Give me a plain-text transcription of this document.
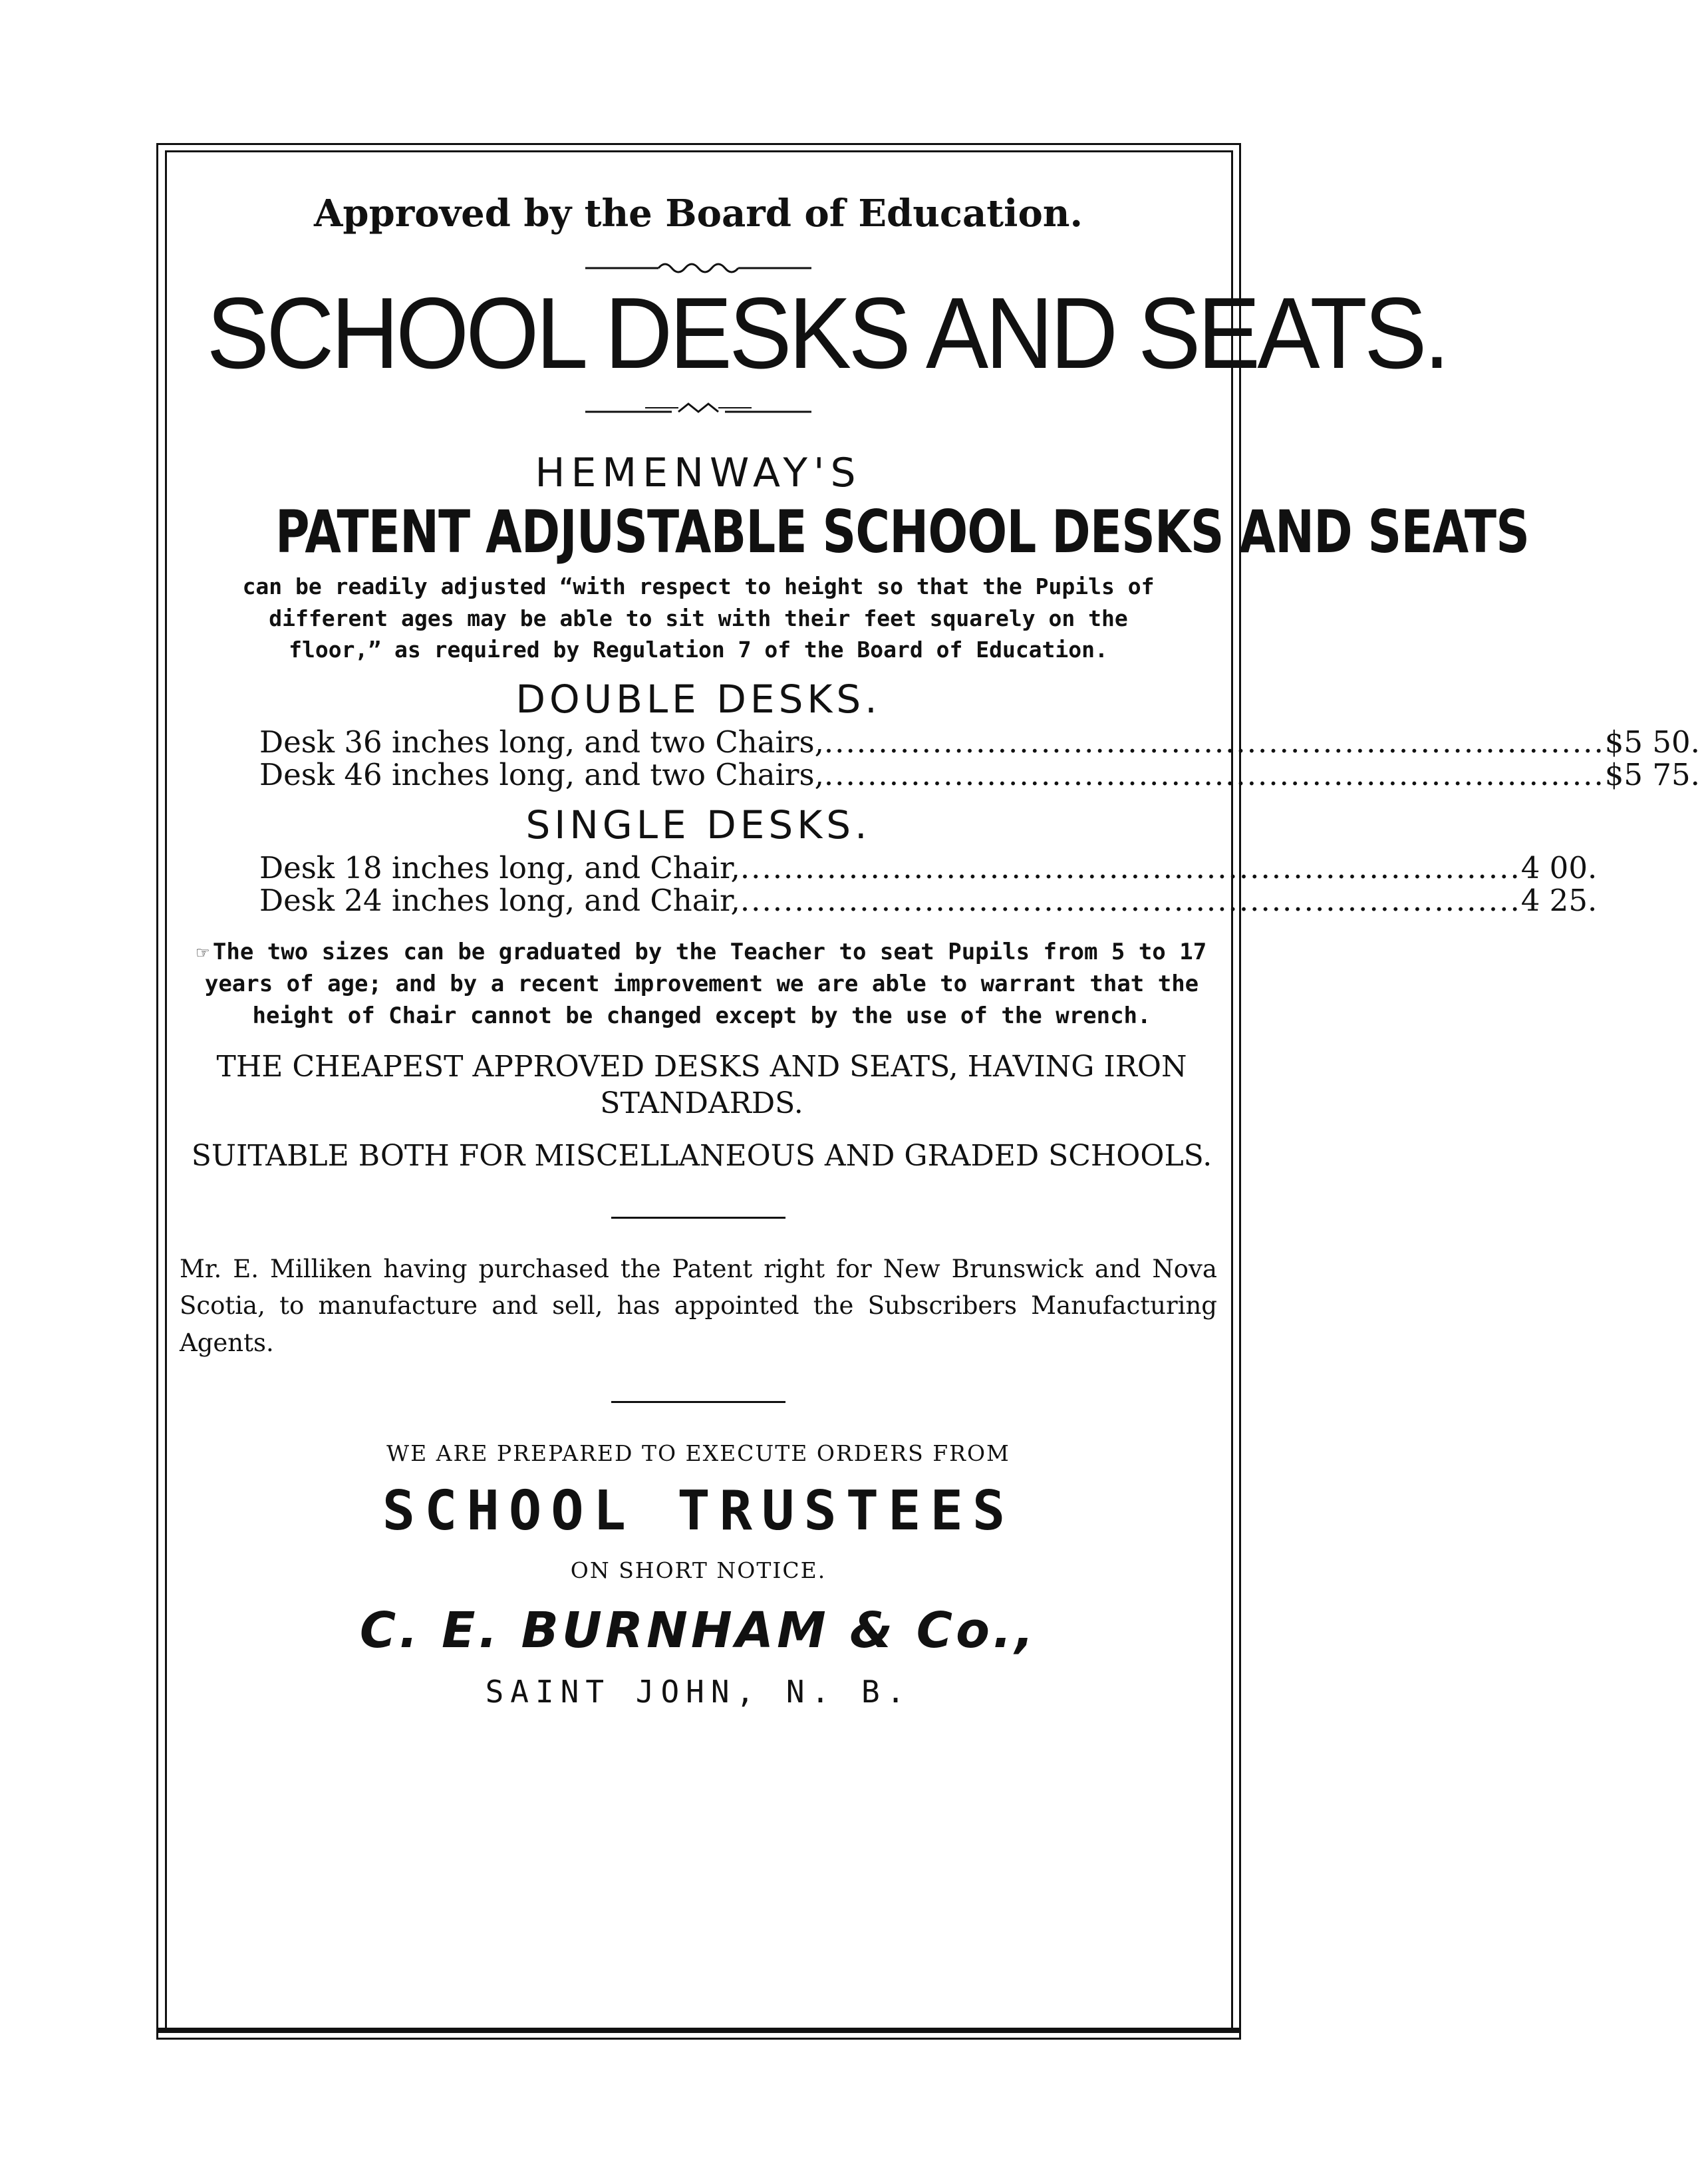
Approved by the Board of Education.
SCHOOL DESKS AND SEATS.
HEMENWAY'S
PATENT ADJUSTABLE SCHOOL DESKS AND SEATS
can be readily adjusted “with respect to height so that the Pupils of
different ages may be able to sit with their feet squarely on the
floor,” as required by Regulation 7 of the Board of Education.
DOUBLE DESKS.
Desk 36 inches long, and two Chairs, ........................................................................ $5 50.
Desk 46 inches long, and two Chairs, ........................................................................ $5 75.
SINGLE DESKS.
Desk 18 inches long, and Chair, ........................................................................ 4 00.
Desk 24 inches long, and Chair, ........................................................................ 4 25.
☞ The two sizes can be graduated by the Teacher to seat Pupils from 5 to 17 years of age; and by a recent improvement we are able to warrant that the height of Chair cannot be changed except by the use of the wrench.
THE CHEAPEST APPROVED DESKS AND SEATS, HAVING IRON STANDARDS.
SUITABLE BOTH FOR MISCELLANEOUS AND GRADED SCHOOLS.
Mr. E. Milliken having purchased the Patent right for New Brunswick and Nova Scotia, to manufacture and sell, has appointed the Subscribers Manufacturing Agents.
WE ARE PREPARED TO EXECUTE ORDERS FROM
SCHOOL TRUSTEES
ON SHORT NOTICE.
C. E. BURNHAM & Co.,
SAINT JOHN, N. B.
